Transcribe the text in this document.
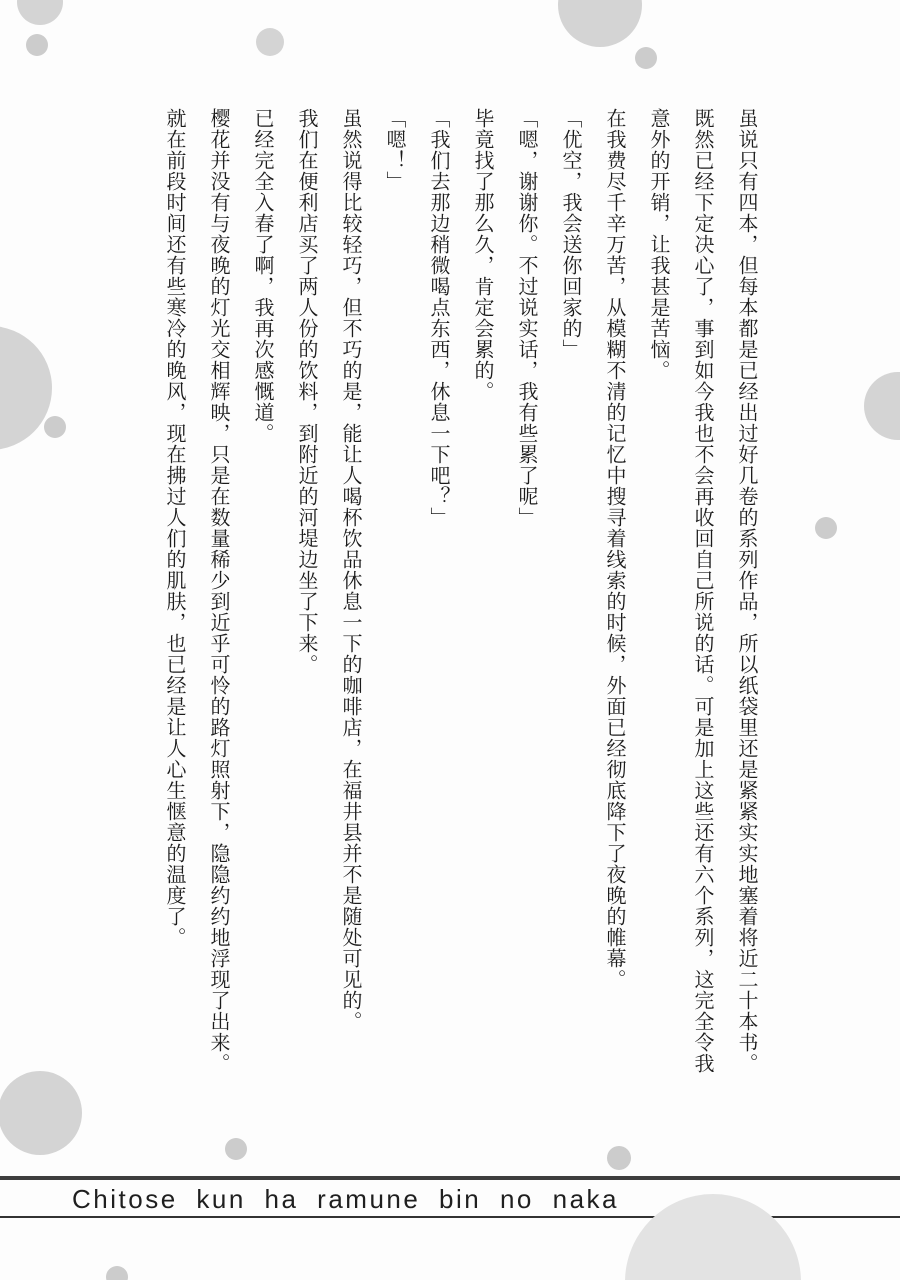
虽说只有四本，但每本都是已经出过好几卷的系列作品，所以纸袋里还是紧紧实实地塞着将近二十本书。

既然已经下定决心了，事到如今我也不会再收回自己所说的话。可是加上这些还有六个系列，这完全令我意外的开销，让我甚是苦恼。

在我费尽千辛万苦，从模糊不清的记忆中搜寻着线索的时候，外面已经彻底降下了夜晚的帷幕。

「优空，我会送你回家的」

「嗯，谢谢你。不过说实话，我有些累了呢」

毕竟找了那么久，肯定会累的。

「我们去那边稍微喝点东西，休息一下吧？」

「嗯！」

虽然说得比较轻巧，但不巧的是，能让人喝杯饮品休息一下的咖啡店，在福井县并不是随处可见的。

我们在便利店买了两人份的饮料，到附近的河堤边坐了下来。

已经完全入春了啊，我再次感慨道。

樱花并没有与夜晚的灯光交相辉映，只是在数量稀少到近乎可怜的路灯照射下，隐隐约约地浮现了出来。

就在前段时间还有些寒冷的晚风，现在拂过人们的肌肤，也已经是让人心生惬意的温度了。

Chitose kun ha ramune bin no naka
